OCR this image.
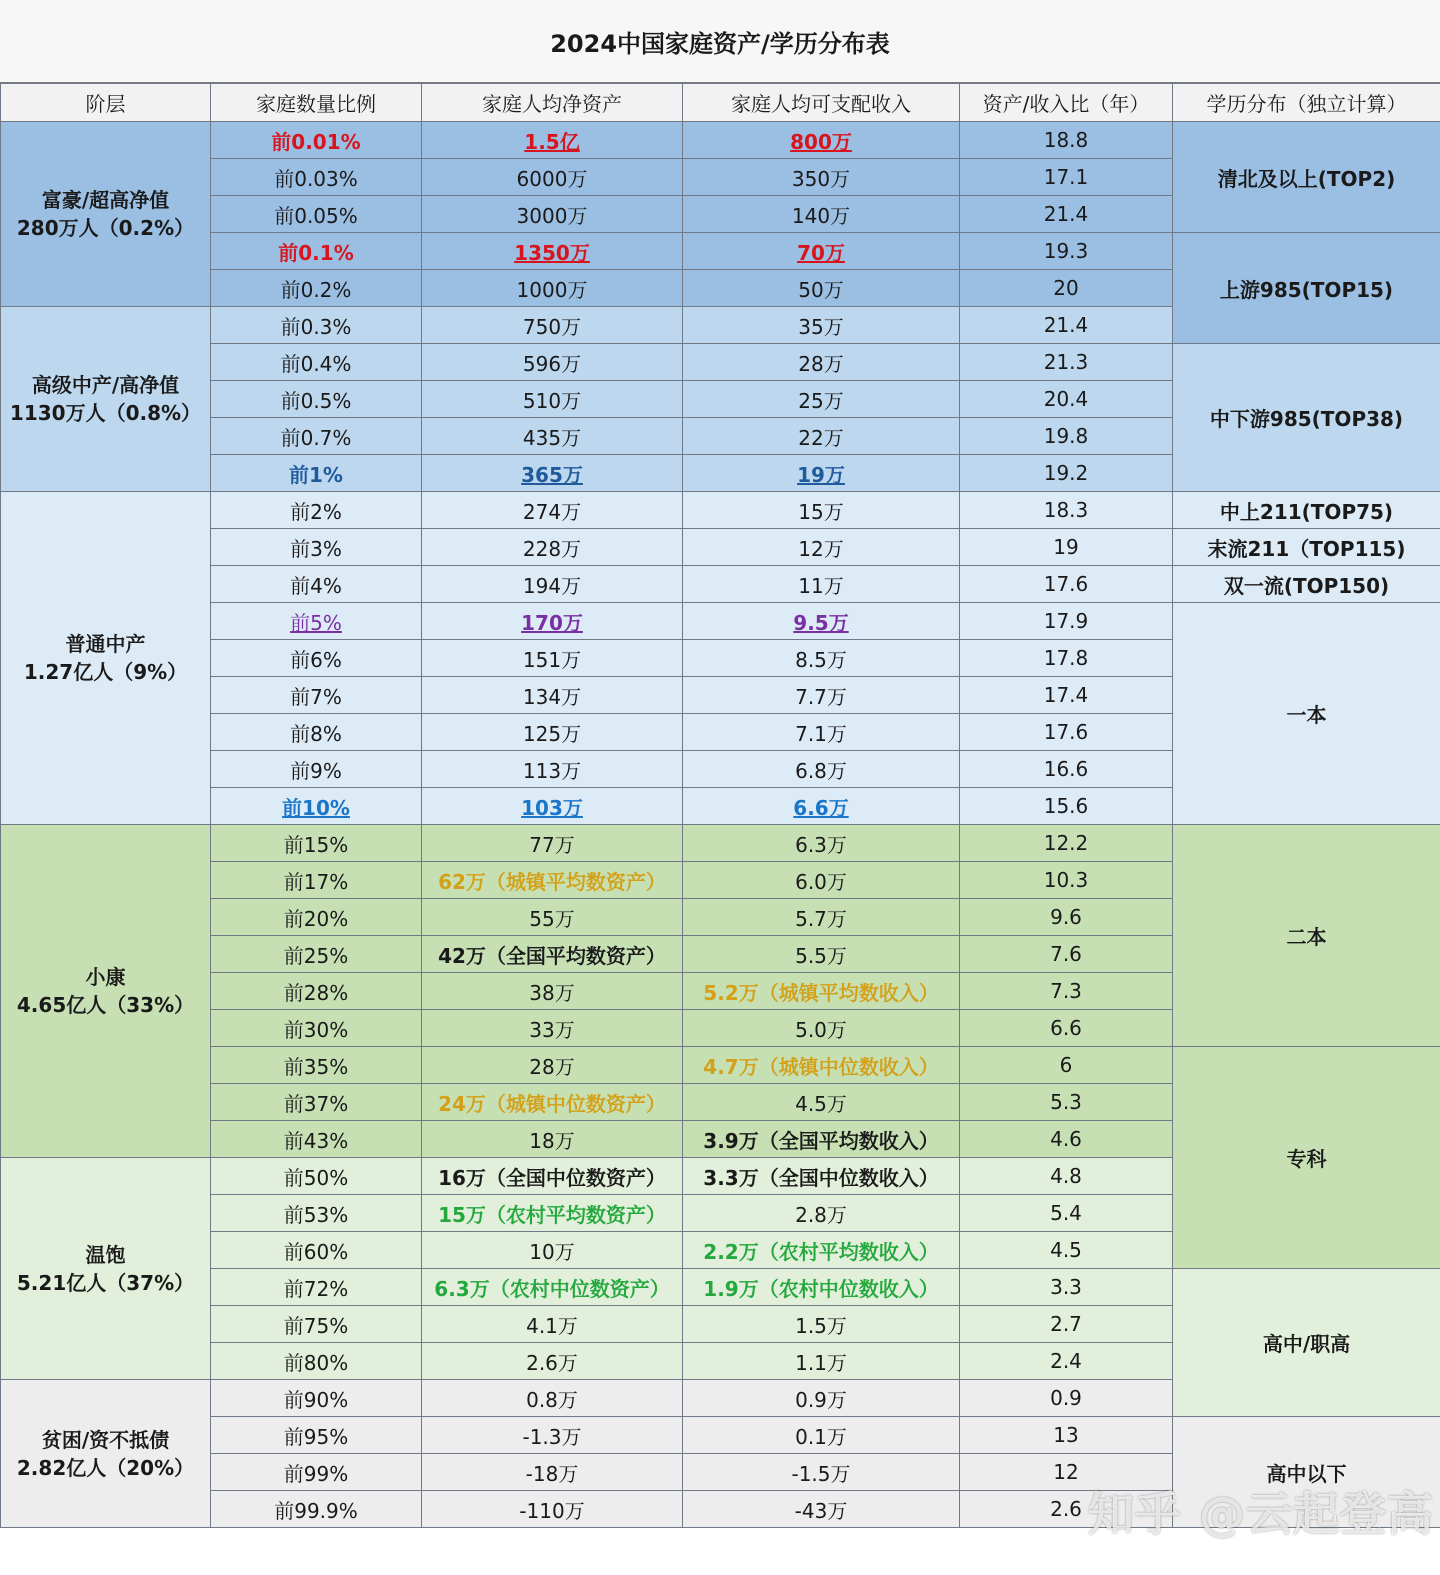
2024中国家庭资产/学历分布表
阶层	家庭数量比例	家庭人均净资产	家庭人均可支配收入	资产/收入比（年）	学历分布（独立计算）
富豪/超高净值
280万人（0.2%）	前0.01%	1.5亿	800万	18.8	清北及以上(TOP2)
	前0.03%	6000万	350万	17.1	
	前0.05%	3000万	140万	21.4	
	前0.1%	1350万	70万	19.3	上游985(TOP15)
	前0.2%	1000万	50万	20	
高级中产/高净值
1130万人（0.8%）	前0.3%	750万	35万	21.4	
	前0.4%	596万	28万	21.3	中下游985(TOP38)
	前0.5%	510万	25万	20.4	
	前0.7%	435万	22万	19.8	
	前1%	365万	19万	19.2	
普通中产
1.27亿人（9%）	前2%	274万	15万	18.3	中上211(TOP75)
	前3%	228万	12万	19	末流211（TOP115)
	前4%	194万	11万	17.6	双一流(TOP150)
	前5%	170万	9.5万	17.9	一本
	前6%	151万	8.5万	17.8	
	前7%	134万	7.7万	17.4	
	前8%	125万	7.1万	17.6	
	前9%	113万	6.8万	16.6	
	前10%	103万	6.6万	15.6	
小康
4.65亿人（33%）	前15%	77万	6.3万	12.2	二本
	前17%	62万（城镇平均数资产）	6.0万	10.3	
	前20%	55万	5.7万	9.6	
	前25%	42万（全国平均数资产）	5.5万	7.6	
	前28%	38万	5.2万（城镇平均数收入）	7.3	
	前30%	33万	5.0万	6.6	
	前35%	28万	4.7万（城镇中位数收入）	6	专科
	前37%	24万（城镇中位数资产）	4.5万	5.3	
	前43%	18万	3.9万（全国平均数收入）	4.6	
温饱
5.21亿人（37%）	前50%	16万（全国中位数资产）	3.3万（全国中位数收入）	4.8	
	前53%	15万（农村平均数资产）	2.8万	5.4	
	前60%	10万	2.2万（农村平均数收入）	4.5	
	前72%	6.3万（农村中位数资产）	1.9万（农村中位数收入）	3.3	高中/职高
	前75%	4.1万	1.5万	2.7	
	前80%	2.6万	1.1万	2.4	
贫困/资不抵债
2.82亿人（20%）	前90%	0.8万	0.9万	0.9	
	前95%	-1.3万	0.1万	13	高中以下
	前99%	-18万	-1.5万	12	
	前99.9%	-110万	-43万	2.6	知乎 @云起登高
